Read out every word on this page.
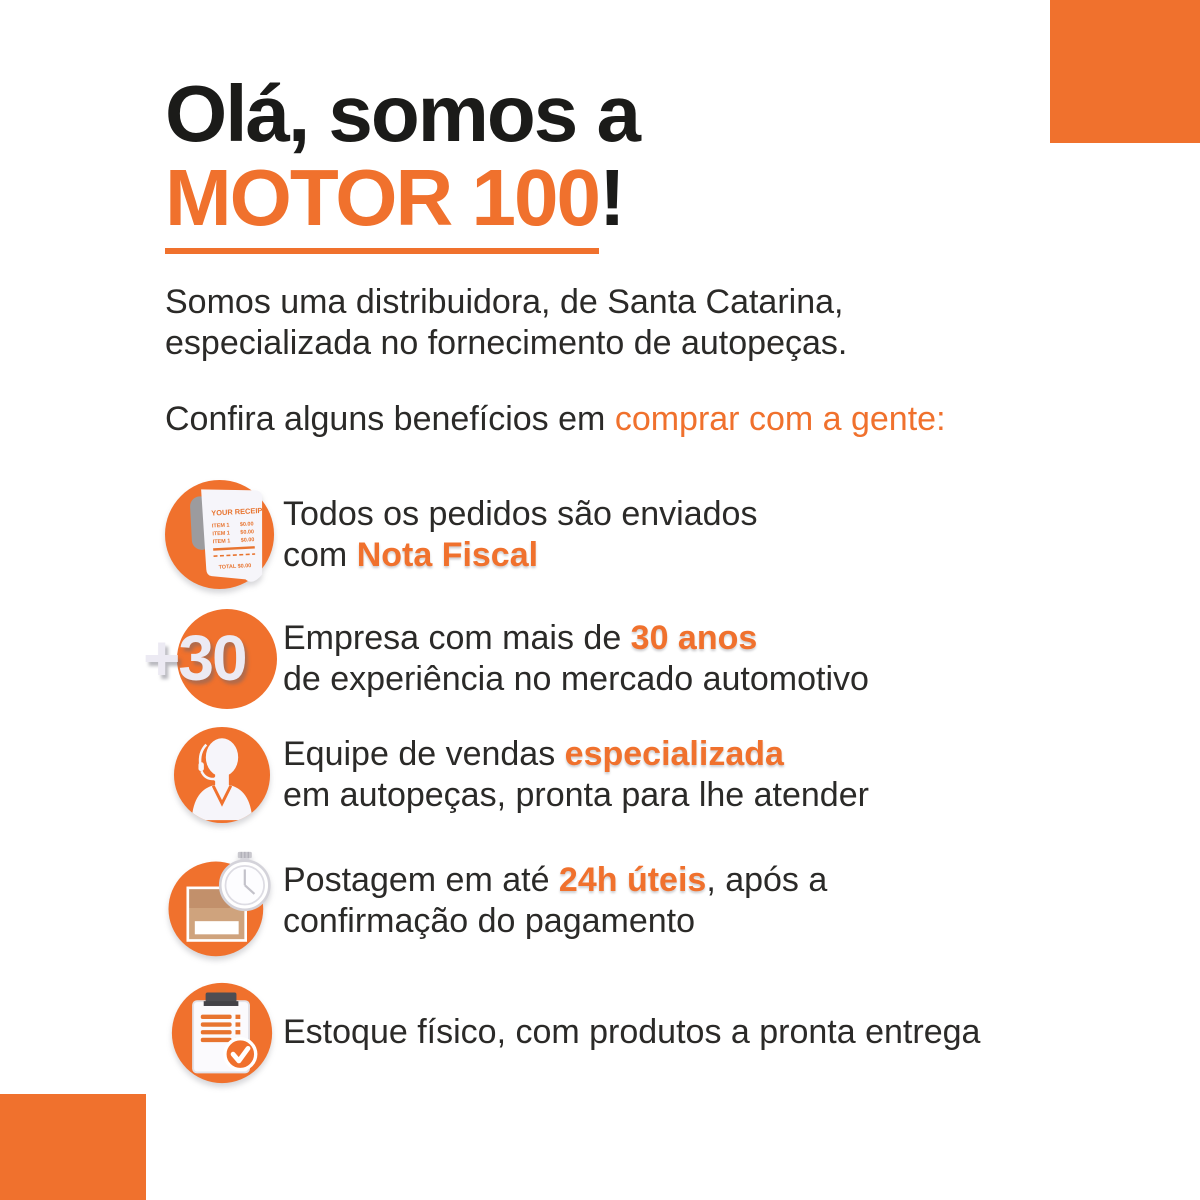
Olá, somos a
MOTOR 100!

Somos uma distribuidora, de Santa Catarina,
especializada no fornecimento de autopeças.

Confira alguns benefícios em comprar com a gente:

YOUR RECEIPT
ITEM 1 $0.00
ITEM 1 $0.00
ITEM 1 $0.00
TOTAL $0.00
Todos os pedidos são enviados
com Nota Fiscal
+30 Empresa com mais de 30 anos
de experiência no mercado automotivo
Equipe de vendas especializada
em autopeças, pronta para lhe atender
Postagem em até 24h úteis, após a
confirmação do pagamento
Estoque físico, com produtos a pronta entrega
